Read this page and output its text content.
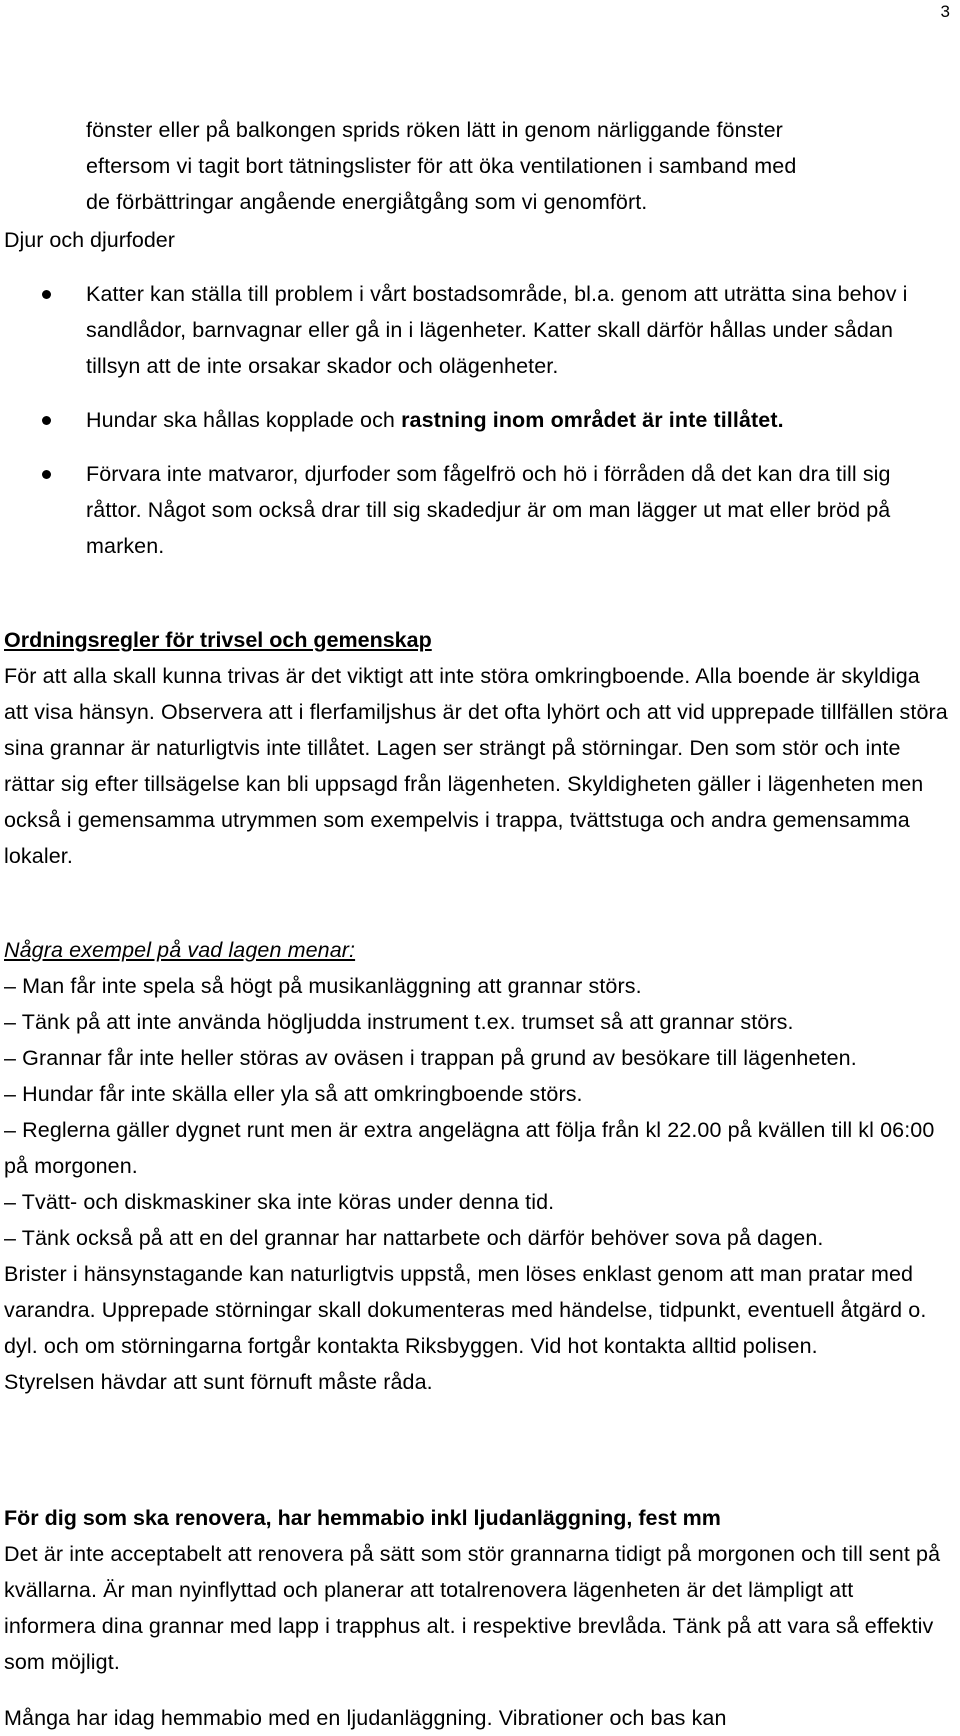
3

fönster eller på balkongen sprids röken lätt in genom närliggande fönster

eftersom vi tagit bort tätningslister för att öka ventilationen i samband med

de förbättringar angående energiåtgång som vi genomfört.

Djur och djurfoder
Katter kan ställa till problem i vårt bostadsområde, bl.a. genom att uträtta sina behov i sandlådor, barnvagnar eller gå in i lägenheter. Katter skall därför hållas under sådan tillsyn att de inte orsakar skador och olägenheter.
Hundar ska hållas kopplade och rastning inom området är inte tillåtet.
Förvara inte matvaror, djurfoder som fågelfrö och hö i förråden då det kan dra till sig råttor. Något som också drar till sig skadedjur är om man lägger ut mat eller bröd på marken.
Ordningsregler för trivsel och gemenskap

För att alla skall kunna trivas är det viktigt att inte störa omkringboende. Alla boende är skyldiga att visa hänsyn. Observera att i flerfamiljshus är det ofta lyhört och att vid upprepade tillfällen störa sina grannar är naturligtvis inte tillåtet. Lagen ser strängt på störningar. Den som stör och inte rättar sig efter tillsägelse kan bli uppsagd från lägenheten. Skyldigheten gäller i lägenheten men också i gemensamma utrymmen som exempelvis i trappa, tvättstuga och andra gemensamma lokaler.

Några exempel på vad lagen menar:

– Man får inte spela så högt på musikanläggning att grannar störs.
– Tänk på att inte använda högljudda instrument t.ex. trumset så att grannar störs.
– Grannar får inte heller störas av oväsen i trappan på grund av besökare till lägenheten.
– Hundar får inte skälla eller yla så att omkringboende störs.
– Reglerna gäller dygnet runt men är extra angelägna att följa från kl 22.00 på kvällen till kl 06:00 på morgonen.
– Tvätt- och diskmaskiner ska inte köras under denna tid.
– Tänk också på att en del grannar har nattarbete och därför behöver sova på dagen.

Brister i hänsynstagande kan naturligtvis uppstå, men löses enklast genom att man pratar med varandra. Upprepade störningar skall dokumenteras med händelse, tidpunkt, eventuell åtgärd o. dyl. och om störningarna fortgår kontakta Riksbyggen. Vid hot kontakta alltid polisen.

Styrelsen hävdar att sunt förnuft måste råda.

För dig som ska renovera, har hemmabio inkl ljudanläggning, fest mm

Det är inte acceptabelt att renovera på sätt som stör grannarna tidigt på morgonen och till sent på kvällarna. Är man nyinflyttad och planerar att totalrenovera lägenheten är det lämpligt att informera dina grannar med lapp i trapphus alt. i respektive brevlåda. Tänk på att vara så effektiv som möjligt.

Många har idag hemmabio med en ljudanläggning. Vibrationer och bas kan
